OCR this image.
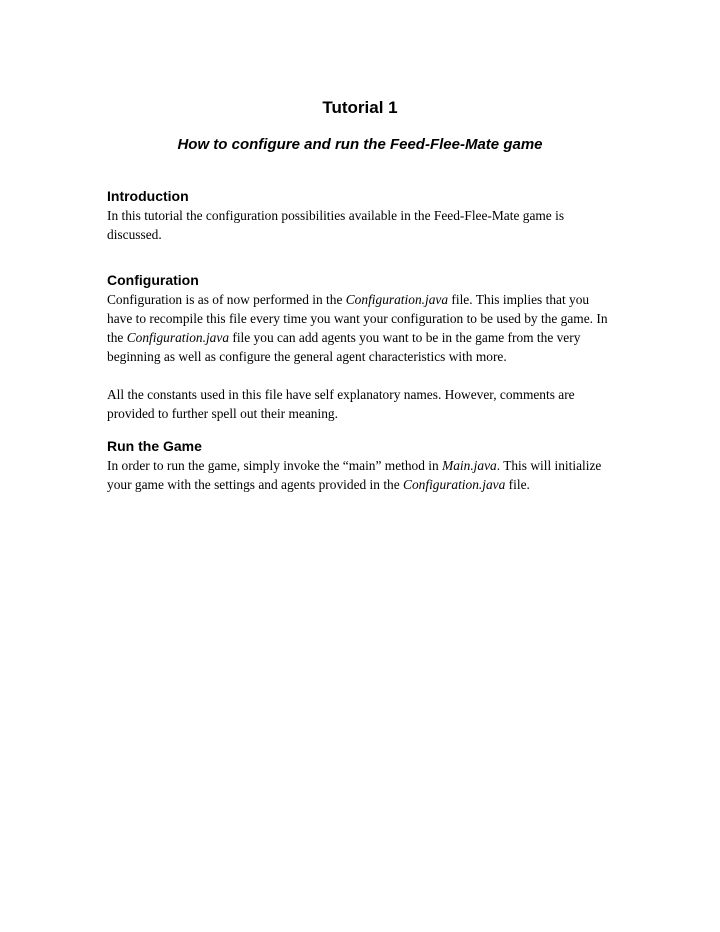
Tutorial 1
How to configure and run the Feed-Flee-Mate game
Introduction

In this tutorial the configuration possibilities available in the Feed-Flee-Mate game is discussed.

Configuration

Configuration is as of now performed in the Configuration.java file. This implies that you have to recompile this file every time you want your configuration to be used by the game. In the Configuration.java file you can add agents you want to be in the game from the very beginning as well as configure the general agent characteristics with more.

All the constants used in this file have self explanatory names. However, comments are provided to further spell out their meaning.

Run the Game

In order to run the game, simply invoke the “main” method in Main.java. This will initialize your game with the settings and agents provided in the Configuration.java file.
